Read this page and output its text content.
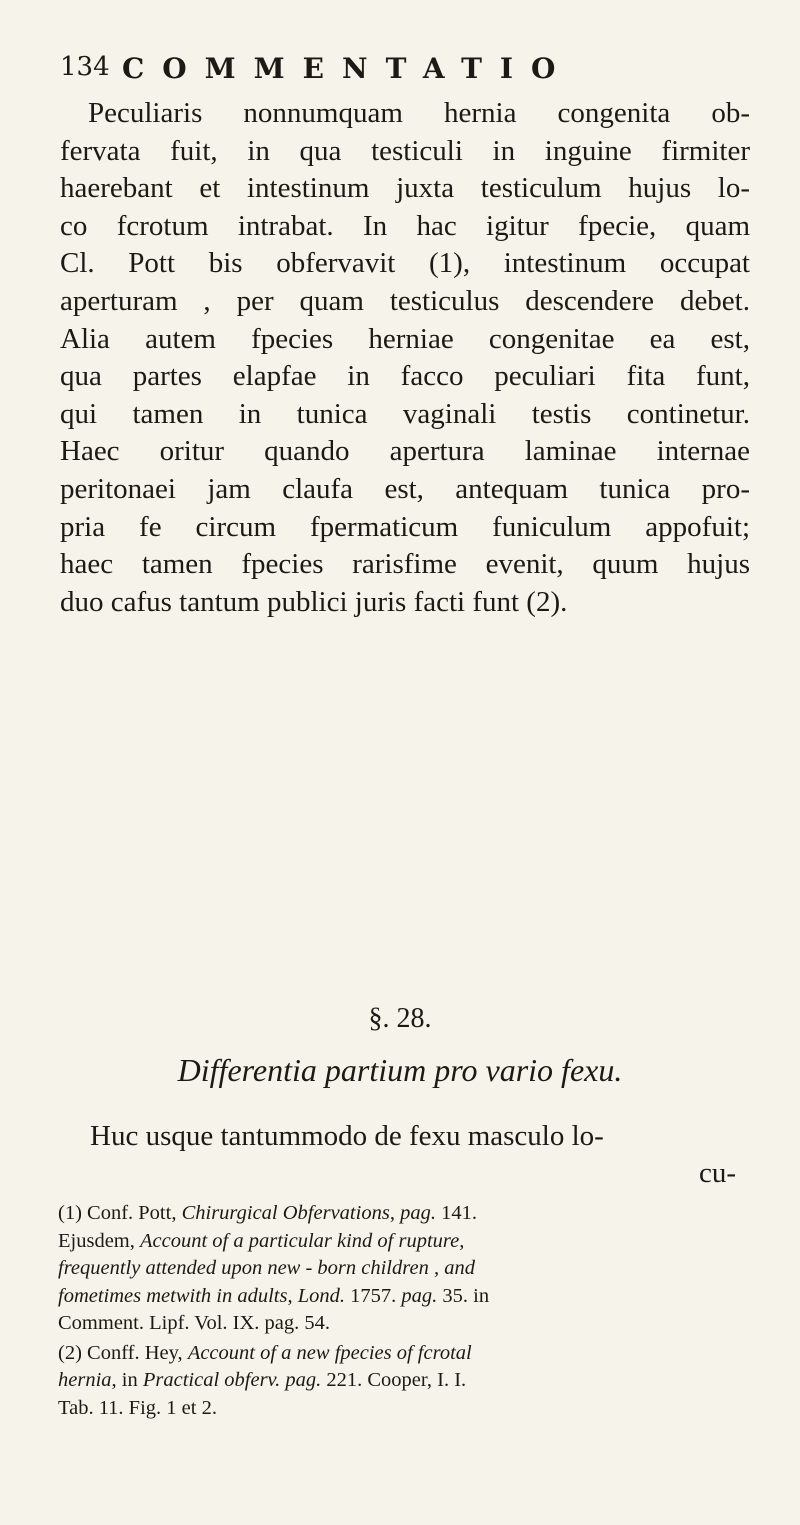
134 COMMENTATIO
Peculiaris nonnumquam hernia congenita ob-
fervata fuit, in qua testiculi in inguine firmiter
haerebant et intestinum juxta testiculum hujus lo-
co fcrotum intrabat. In hac igitur fpecie, quam
Cl. Pott bis obfervavit (1), intestinum occupat
aperturam , per quam testiculus descendere debet.
Alia autem fpecies herniae congenitae ea est,
qua partes elapfae in facco peculiari fita funt,
qui tamen in tunica vaginali testis continetur.
Haec oritur quando apertura laminae internae
peritonaei jam claufa est, antequam tunica pro-
pria fe circum fpermaticum funiculum appofuit;
haec tamen fpecies rarisfime evenit, quum hujus
duo cafus tantum publici juris facti funt (2).
§. 28.
Differentia partium pro vario fexu.
Huc usque tantummodo de fexu masculo lo-
cu-
(1) Conf. Pott, Chirurgical Obfervations, pag. 141.
Ejusdem, Account of a particular kind of rupture,
frequently attended upon new - born children , and
fometimes metwith in adults, Lond. 1757. pag. 35. in
Comment. Lipf. Vol. IX. pag. 54.
(2) Conff. Hey, Account of a new fpecies of fcrotal
hernia, in Practical obferv. pag. 221. Cooper, I. I.
Tab. 11. Fig. 1 et 2.
